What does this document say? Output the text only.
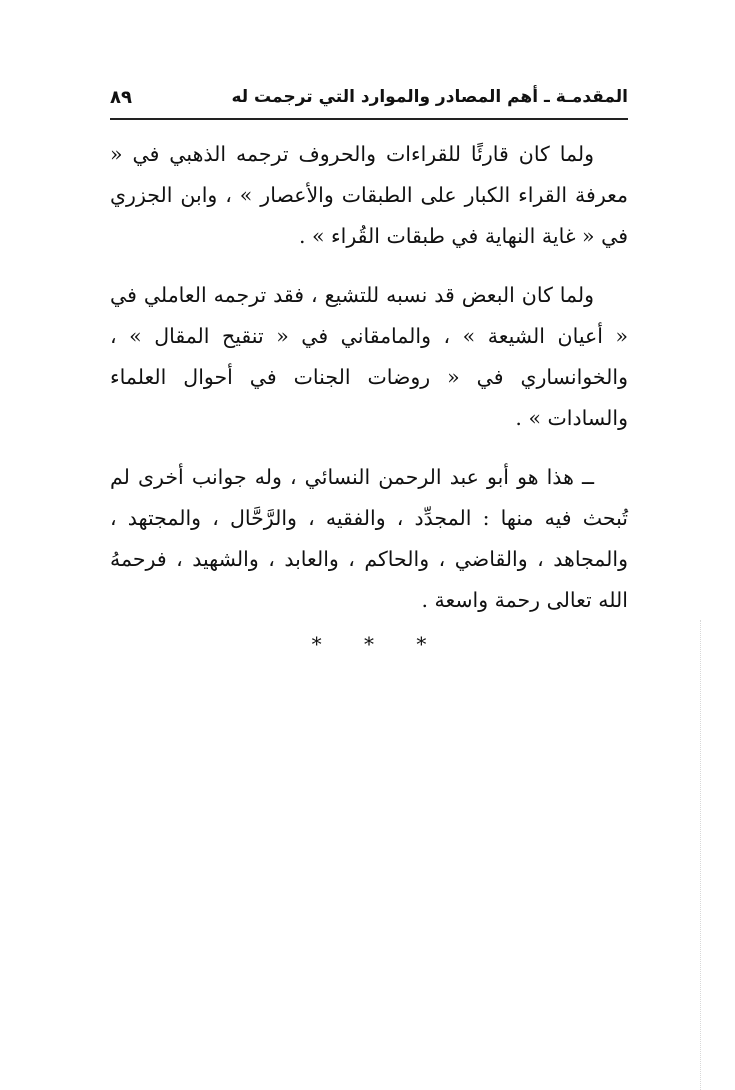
المقدمـة ـ أهم المصادر والموارد التي ترجمت له
٨٩

ولما كان قارئًا للقراءات والحروف ترجمه الذهبي في « معرفة القراء الكبار على الطبقات والأعصار » ، وابن الجزري في « غاية النهاية في طبقات القُراء » .

ولما كان البعض قد نسبه للتشيع ، فقد ترجمه العاملي في « أعيان الشيعة » ، والمامقاني في « تنقيح المقال » ، والخوانساري في « روضات الجنات في أحوال العلماء والسادات » .

ــ هذا هو أبو عبد الرحمن النسائي ، وله جوانب أخرى لم تُبحث فيه منها : المجدِّد ، والفقيه ، والرَّحَّال ، والمجتهد ، والمجاهد ، والقاضي ، والحاكم ، والعابد ، والشهيد ، فرحمهُ الله تعالى رحمة واسعة .

* * *
